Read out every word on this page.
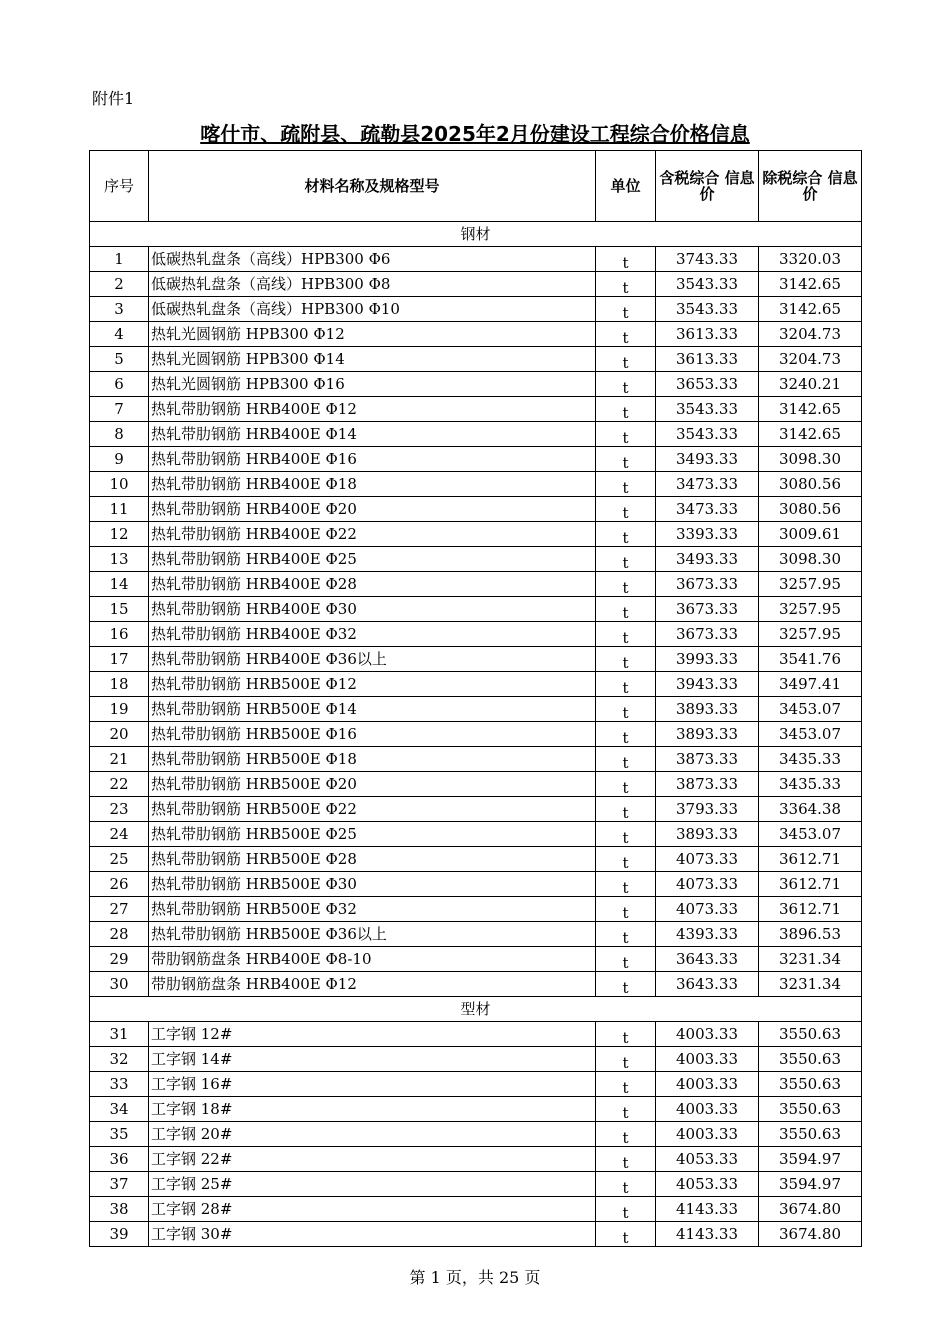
附件1
喀什市、疏附县、疏勒县2025年2月份建设工程综合价格信息
序号	材料名称及规格型号	单位	含税综合 信息价	除税综合 信息价
钢材				
1	低碳热轧盘条（高线）HPB300 Φ6	t	3743.33	3320.03
2	低碳热轧盘条（高线）HPB300 Φ8	t	3543.33	3142.65
3	低碳热轧盘条（高线）HPB300 Φ10	t	3543.33	3142.65
4	热轧光圆钢筋 HPB300 Φ12	t	3613.33	3204.73
5	热轧光圆钢筋 HPB300 Φ14	t	3613.33	3204.73
6	热轧光圆钢筋 HPB300 Φ16	t	3653.33	3240.21
7	热轧带肋钢筋 HRB400E Φ12	t	3543.33	3142.65
8	热轧带肋钢筋 HRB400E Φ14	t	3543.33	3142.65
9	热轧带肋钢筋 HRB400E Φ16	t	3493.33	3098.30
10	热轧带肋钢筋 HRB400E Φ18	t	3473.33	3080.56
11	热轧带肋钢筋 HRB400E Φ20	t	3473.33	3080.56
12	热轧带肋钢筋 HRB400E Φ22	t	3393.33	3009.61
13	热轧带肋钢筋 HRB400E Φ25	t	3493.33	3098.30
14	热轧带肋钢筋 HRB400E Φ28	t	3673.33	3257.95
15	热轧带肋钢筋 HRB400E Φ30	t	3673.33	3257.95
16	热轧带肋钢筋 HRB400E Φ32	t	3673.33	3257.95
17	热轧带肋钢筋 HRB400E Φ36以上	t	3993.33	3541.76
18	热轧带肋钢筋 HRB500E Φ12	t	3943.33	3497.41
19	热轧带肋钢筋 HRB500E Φ14	t	3893.33	3453.07
20	热轧带肋钢筋 HRB500E Φ16	t	3893.33	3453.07
21	热轧带肋钢筋 HRB500E Φ18	t	3873.33	3435.33
22	热轧带肋钢筋 HRB500E Φ20	t	3873.33	3435.33
23	热轧带肋钢筋 HRB500E Φ22	t	3793.33	3364.38
24	热轧带肋钢筋 HRB500E Φ25	t	3893.33	3453.07
25	热轧带肋钢筋 HRB500E Φ28	t	4073.33	3612.71
26	热轧带肋钢筋 HRB500E Φ30	t	4073.33	3612.71
27	热轧带肋钢筋 HRB500E Φ32	t	4073.33	3612.71
28	热轧带肋钢筋 HRB500E Φ36以上	t	4393.33	3896.53
29	带肋钢筋盘条 HRB400E Φ8-10	t	3643.33	3231.34
30	带肋钢筋盘条 HRB400E Φ12	t	3643.33	3231.34
型材				
31	工字钢 12#	t	4003.33	3550.63
32	工字钢 14#	t	4003.33	3550.63
33	工字钢 16#	t	4003.33	3550.63
34	工字钢 18#	t	4003.33	3550.63
35	工字钢 20#	t	4003.33	3550.63
36	工字钢 22#	t	4053.33	3594.97
37	工字钢 25#	t	4053.33	3594.97
38	工字钢 28#	t	4143.33	3674.80
39	工字钢 30#	t	4143.33	3674.80
第 1 页，共 25 页
